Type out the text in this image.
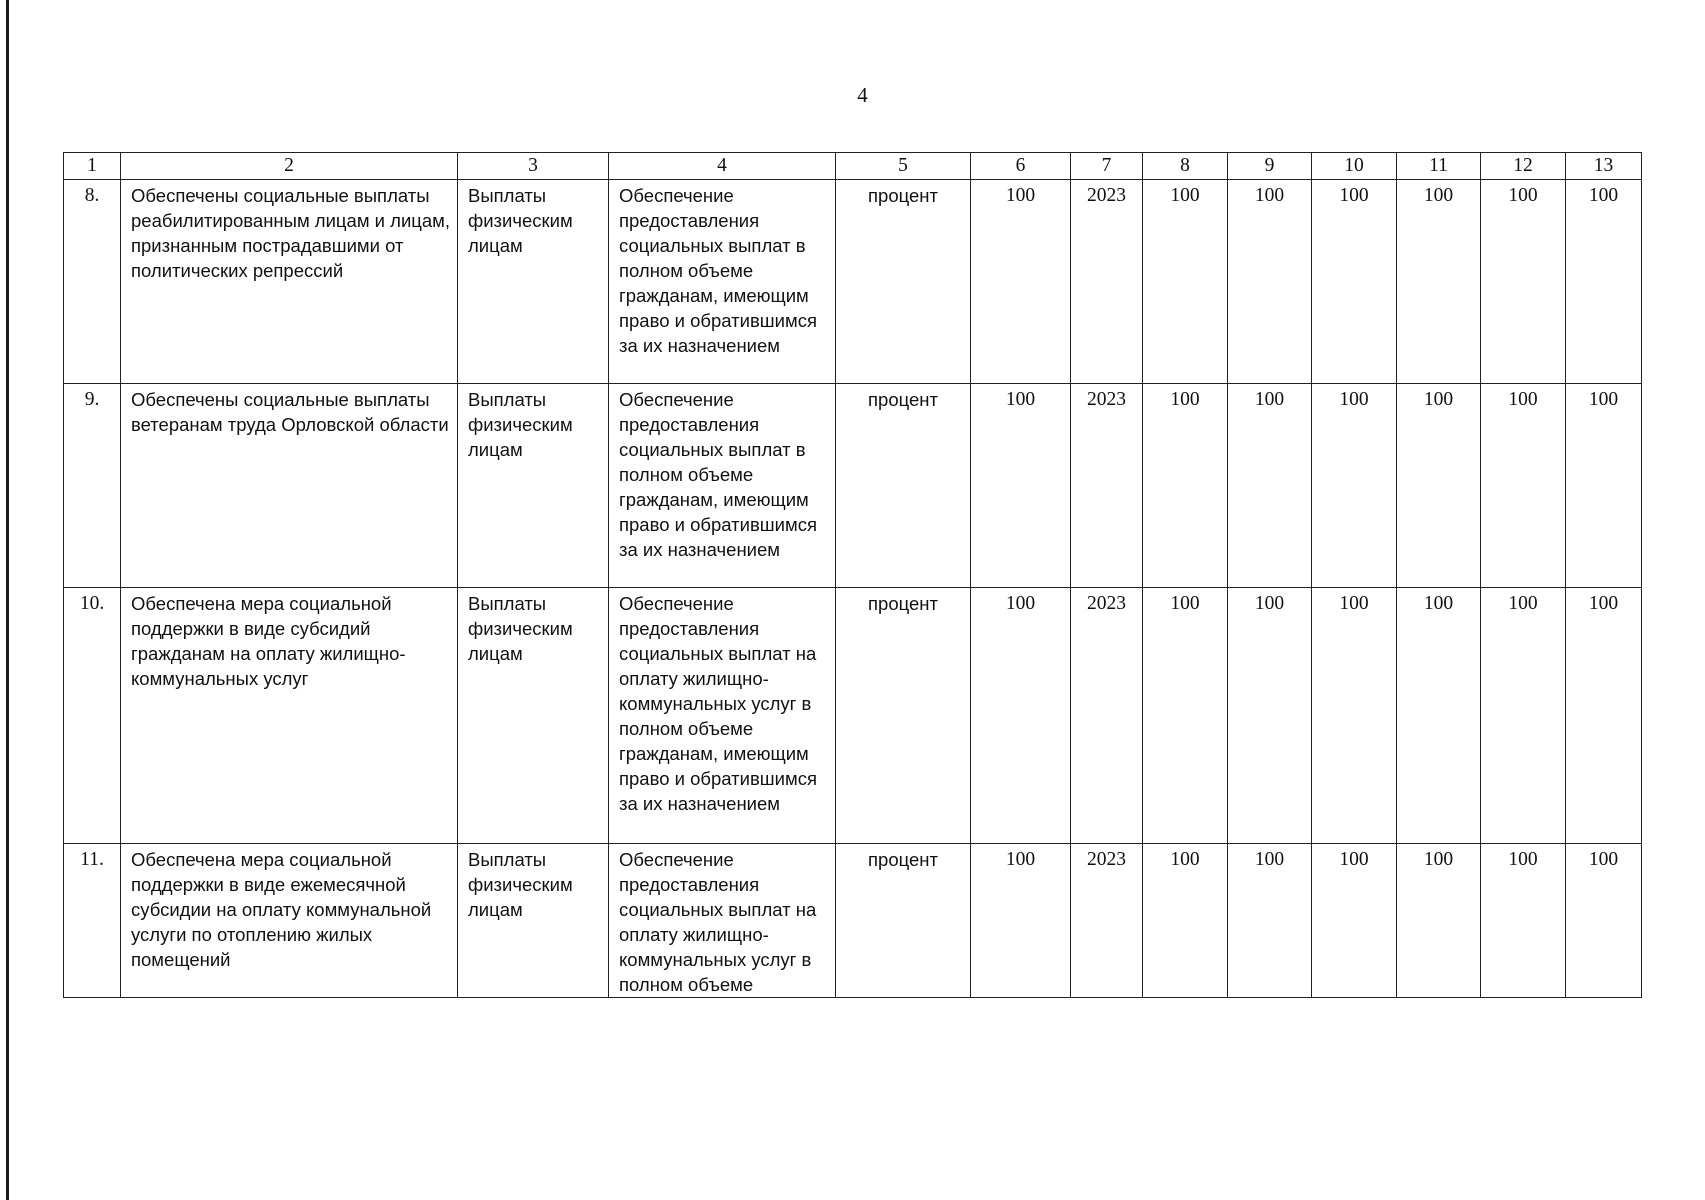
4
1	2	3	4	5	6	7	8	9	10	11	12	13
8.	Обеспечены социальные выплаты реабилитированным лицам и лицам, признанным пострадавшими от политических репрессий	Выплаты физическим лицам	Обеспечение предоставления социальных выплат в полном объеме гражданам, имеющим право и обратившимся за их назначением	процент	100	2023	100	100	100	100	100	100
9.	Обеспечены социальные выплаты ветеранам труда Орловской области	Выплаты физическим лицам	Обеспечение предоставления социальных выплат в полном объеме гражданам, имеющим право и обратившимся за их назначением	процент	100	2023	100	100	100	100	100	100
10.	Обеспечена мера социальной поддержки в виде субсидий гражданам на оплату жилищно-коммунальных услуг	Выплаты физическим лицам	Обеспечение предоставления социальных выплат на оплату жилищно-коммунальных услуг в полном объеме гражданам, имеющим право и обратившимся за их назначением	процент	100	2023	100	100	100	100	100	100
11.	Обеспечена мера социальной поддержки в виде ежемесячной субсидии на оплату коммунальной услуги по отоплению жилых помещений	Выплаты физическим лицам	Обеспечение предоставления социальных выплат на оплату жилищно-коммунальных услуг в полном объеме	процент	100	2023	100	100	100	100	100	100
